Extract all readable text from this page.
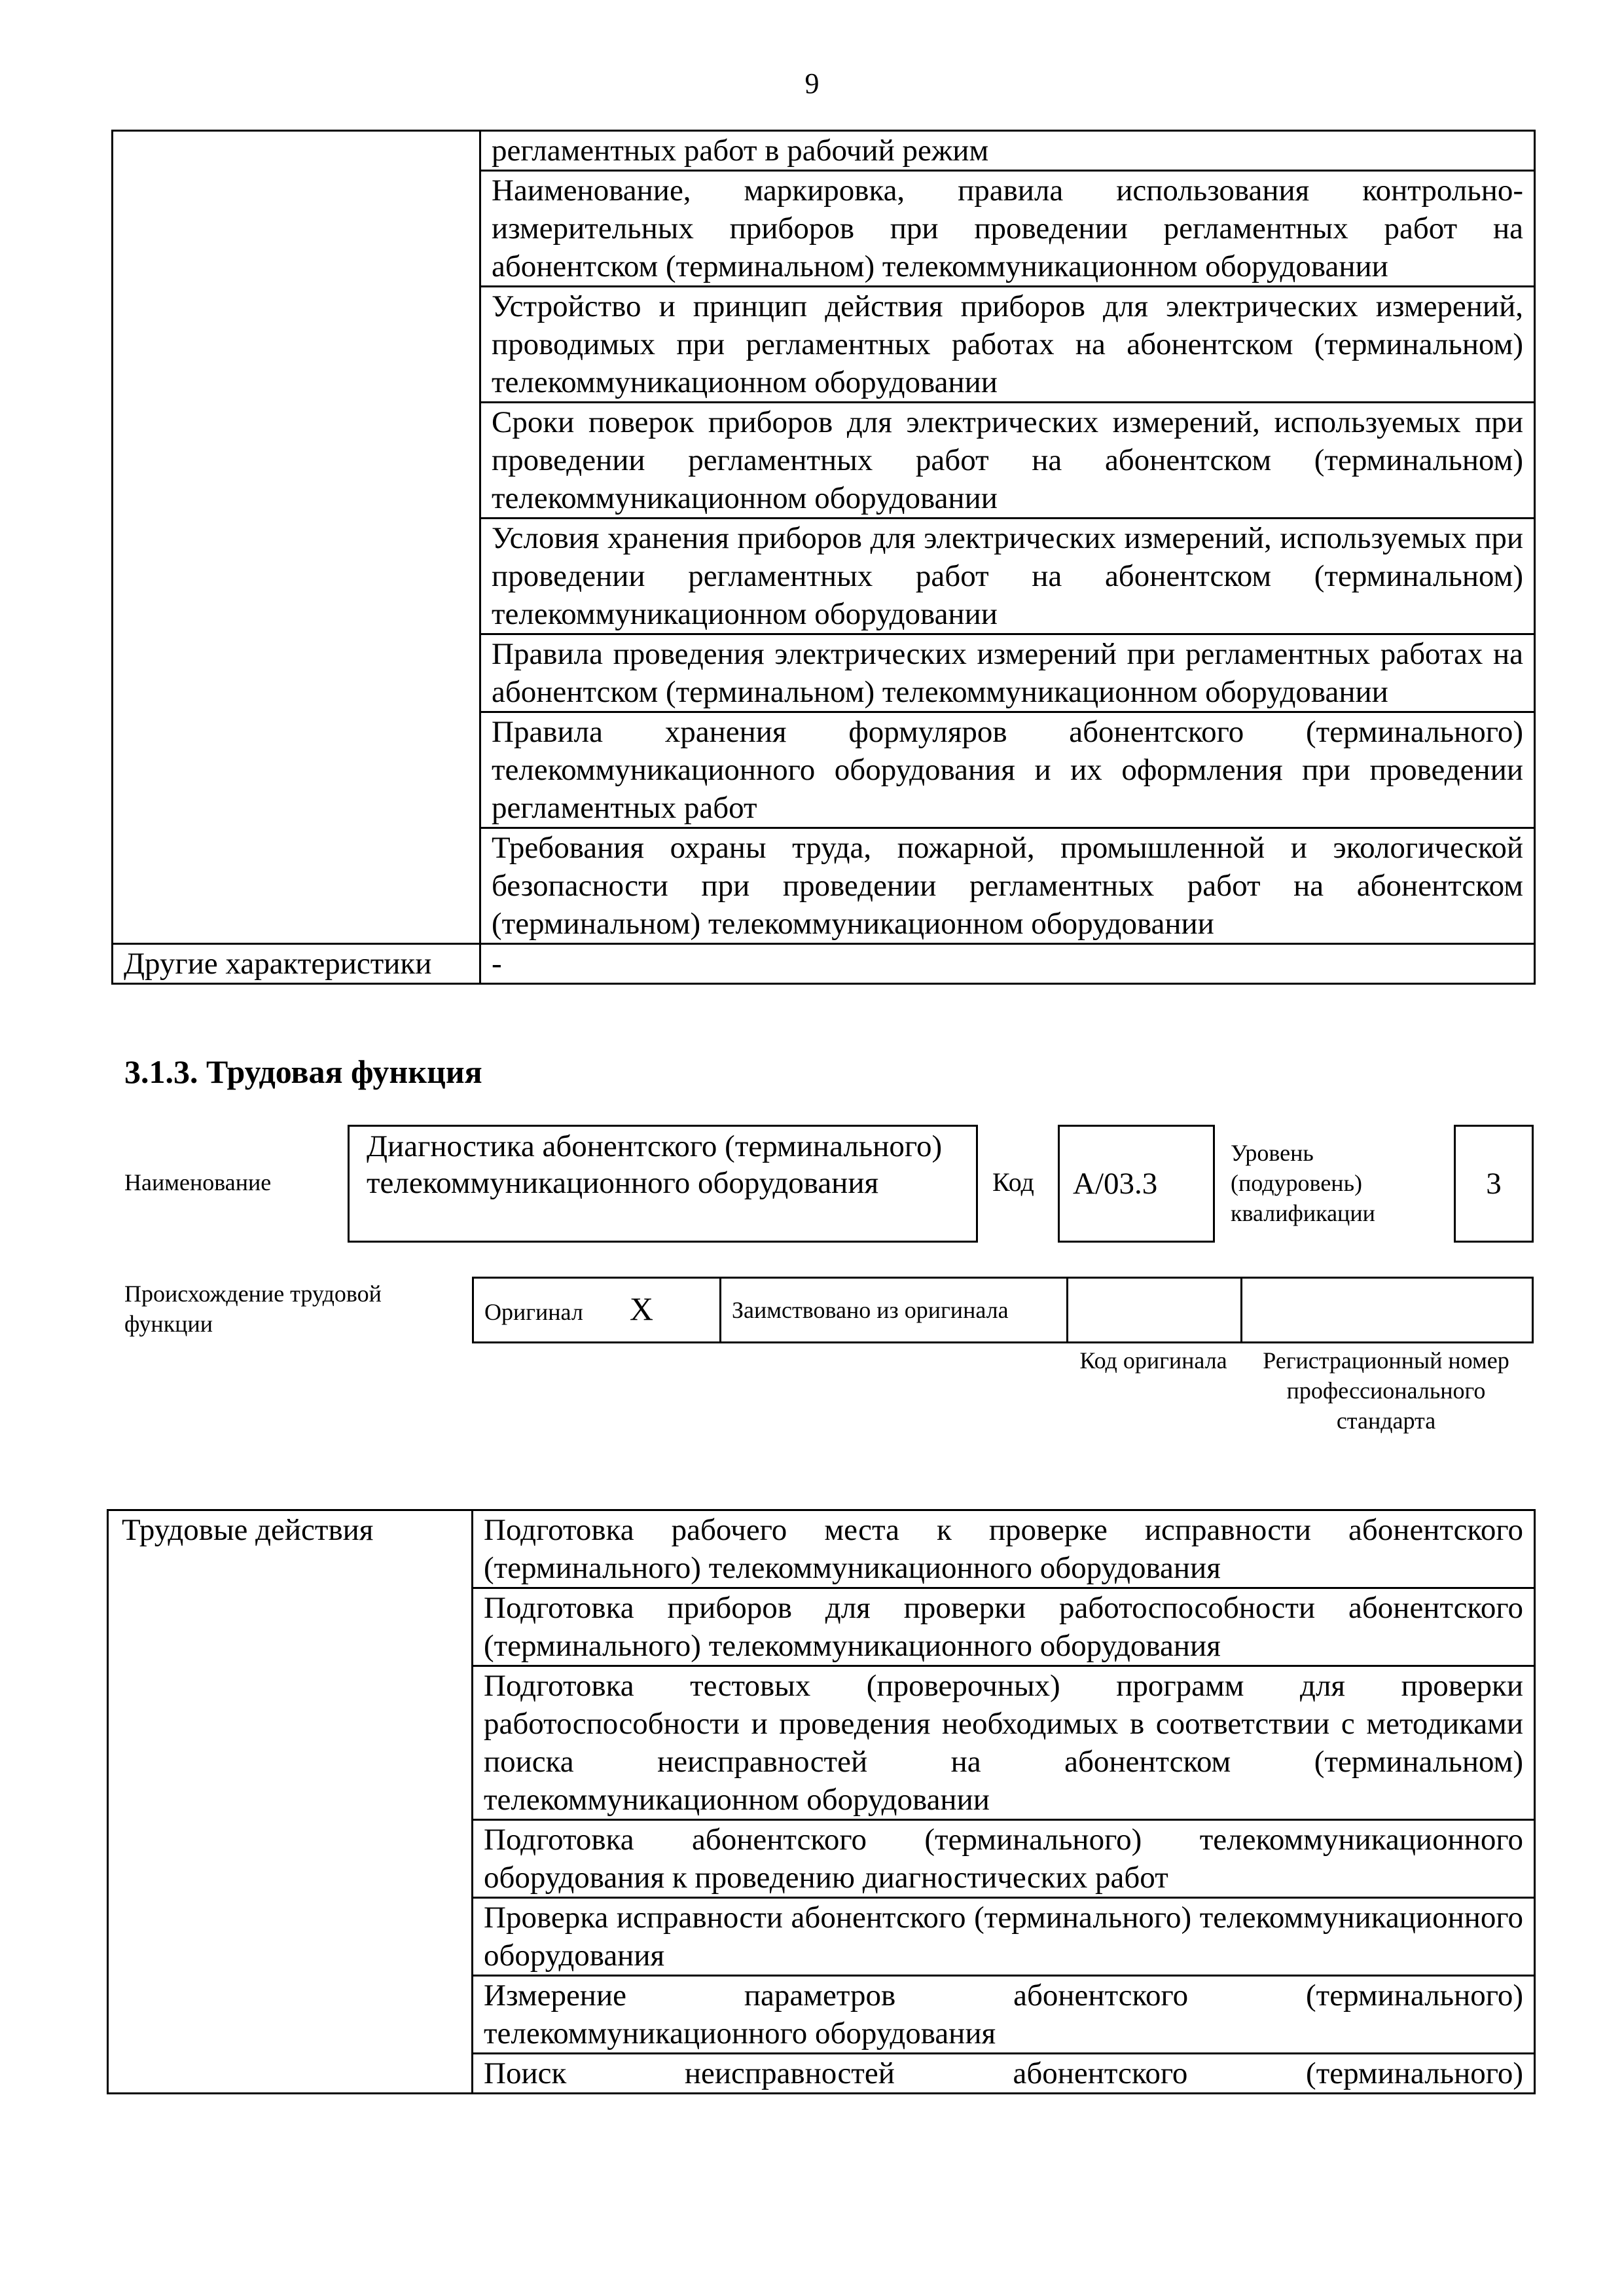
9
	регламентных работ в рабочий режим
	Наименование, маркировка, правила использования контрольно-измерительных приборов при проведении регламентных работ на абонентском (терминальном) телекоммуникационном оборудовании
	Устройство и принцип действия приборов для электрических измерений, проводимых при регламентных работах на абонентском (терминальном) телекоммуникационном оборудовании
	Сроки поверок приборов для электрических измерений, используемых при проведении регламентных работ на абонентском (терминальном) телекоммуникационном оборудовании
	Условия хранения приборов для электрических измерений, используемых при проведении регламентных работ на абонентском (терминальном) телекоммуникационном оборудовании
	Правила проведения электрических измерений при регламентных работах на абонентском (терминальном) телекоммуникационном оборудовании
	Правила хранения формуляров абонентского (терминального) телекоммуникационного оборудования и их оформления при проведении регламентных работ
	Требования охраны труда, пожарной, промышленной и экологической безопасности при проведении регламентных работ на абонентском (терминальном) телекоммуникационном оборудовании
Другие характеристики	-
3.1.3. Трудовая функция
Наименование
Диагностика абонентского (терминального) телекоммуникационного оборудования	Код А/03.3
Уровень (подуровень) квалификации
3
Происхождение трудовой функции	Оригинал X	Заимствовано из оригинала		
Код оригинала	Регистрационный номер профессионального стандарта
Трудовые действия	Подготовка рабочего места к проверке исправности абонентского (терминального) телекоммуникационного оборудования
Подготовка приборов для проверки работоспособности абонентского (терминального) телекоммуникационного оборудования
Подготовка тестовых (проверочных) программ для проверки работоспособности и проведения необходимых в соответствии с методиками поиска неисправностей на абонентском (терминальном) телекоммуникационном оборудовании
Подготовка абонентского (терминального) телекоммуникационного оборудования к проведению диагностических работ
Проверка исправности абонентского (терминального) телекоммуникационного оборудования
Измерение параметров абонентского (терминального) телекоммуникационного оборудования
Поиск неисправностей абонентского (терминального)
